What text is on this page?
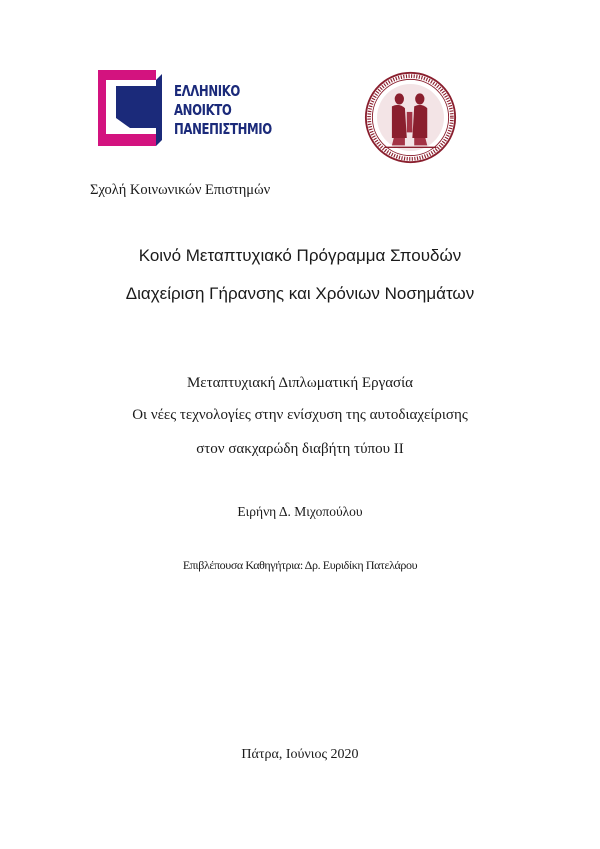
ΕΛΛΗΝΙΚΟ
ΑΝΟΙΚΤΟ
ΠΑΝΕΠΙΣΤΗΜΙΟ
Σχολή Κοινωνικών Επιστημών
Κοινό Μεταπτυχιακό Πρόγραμμα Σπουδών
Διαχείριση Γήρανσης και Χρόνιων Νοσημάτων
Μεταπτυχιακή Διπλωματική Εργασία
Οι νέες τεχνολογίες στην ενίσχυση της αυτοδιαχείρισης
στον σακχαρώδη διαβήτη τύπου ΙΙ
Ειρήνη Δ. Μιχοπούλου
Επιβλέπουσα Καθηγήτρια: Δρ. Ευριδίκη Πατελάρου
Πάτρα, Ιούνιος 2020
